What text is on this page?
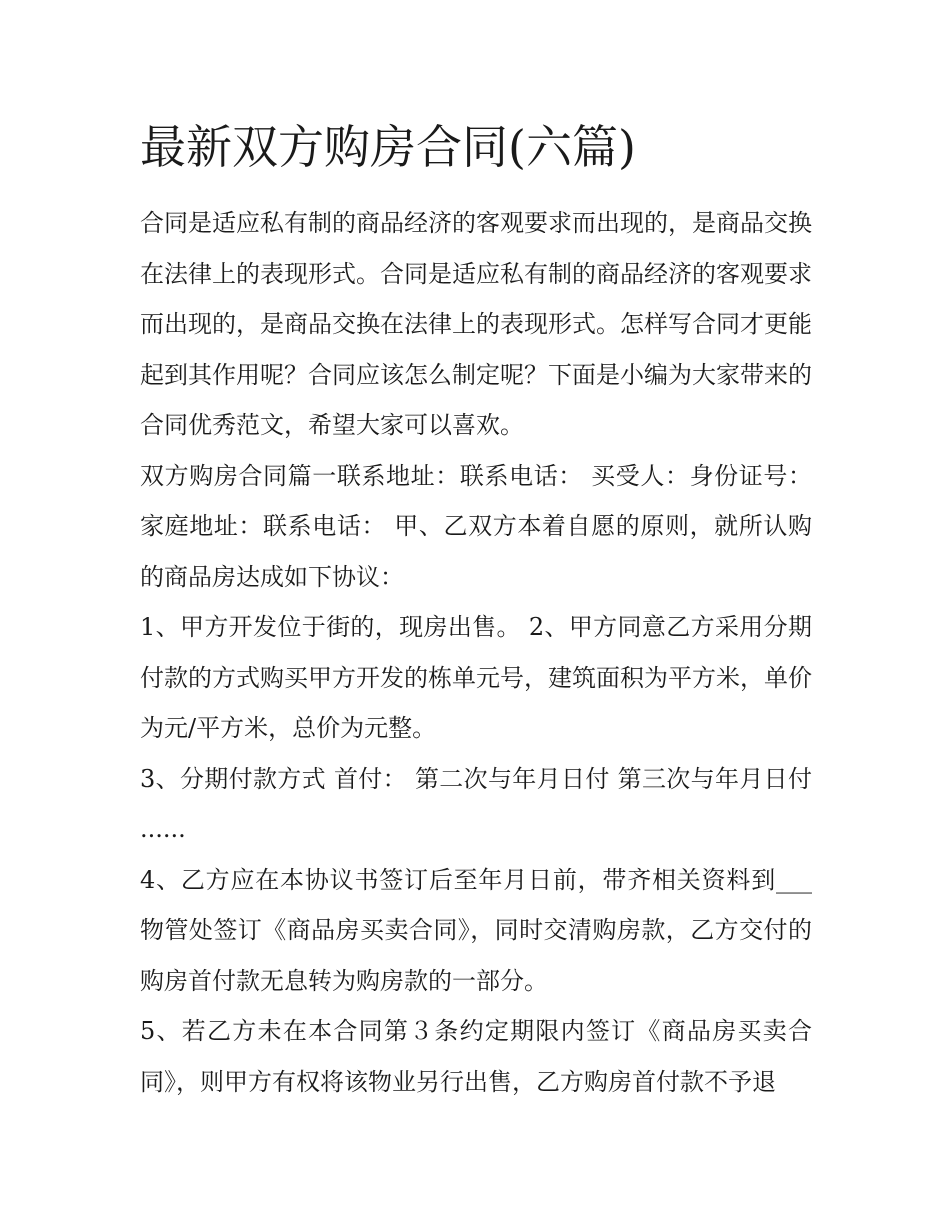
最新双方购房合同(六篇)

合同是适应私有制的商品经济的客观要求而出现的，是商品交换在法律上的表现形式。合同是适应私有制的商品经济的客观要求而出现的，是商品交换在法律上的表现形式。怎样写合同才更能起到其作用呢？合同应该怎么制定呢？下面是小编为大家带来的合同优秀范文，希望大家可以喜欢。

双方购房合同篇一联系地址：联系电话： 买受人：身份证号： 家庭地址：联系电话： 甲、乙双方本着自愿的原则，就所认购的商品房达成如下协议：

1、甲方开发位于街的，现房出售。 2、甲方同意乙方采用分期付款的方式购买甲方开发的栋单元号，建筑面积为平方米，单价为元/平方米，总价为元整。

3、分期付款方式 首付： 第二次与年月日付 第三次与年月日付 ......

4、乙方应在本协议书签订后至年月日前，带齐相关资料到___物管处签订《商品房买卖合同》，同时交清购房款，乙方交付的购房首付款无息转为购房款的一部分。

5、若乙方未在本合同第３条约定期限内签订《商品房买卖合同》，则甲方有权将该物业另行出售，乙方购房首付款不予退
